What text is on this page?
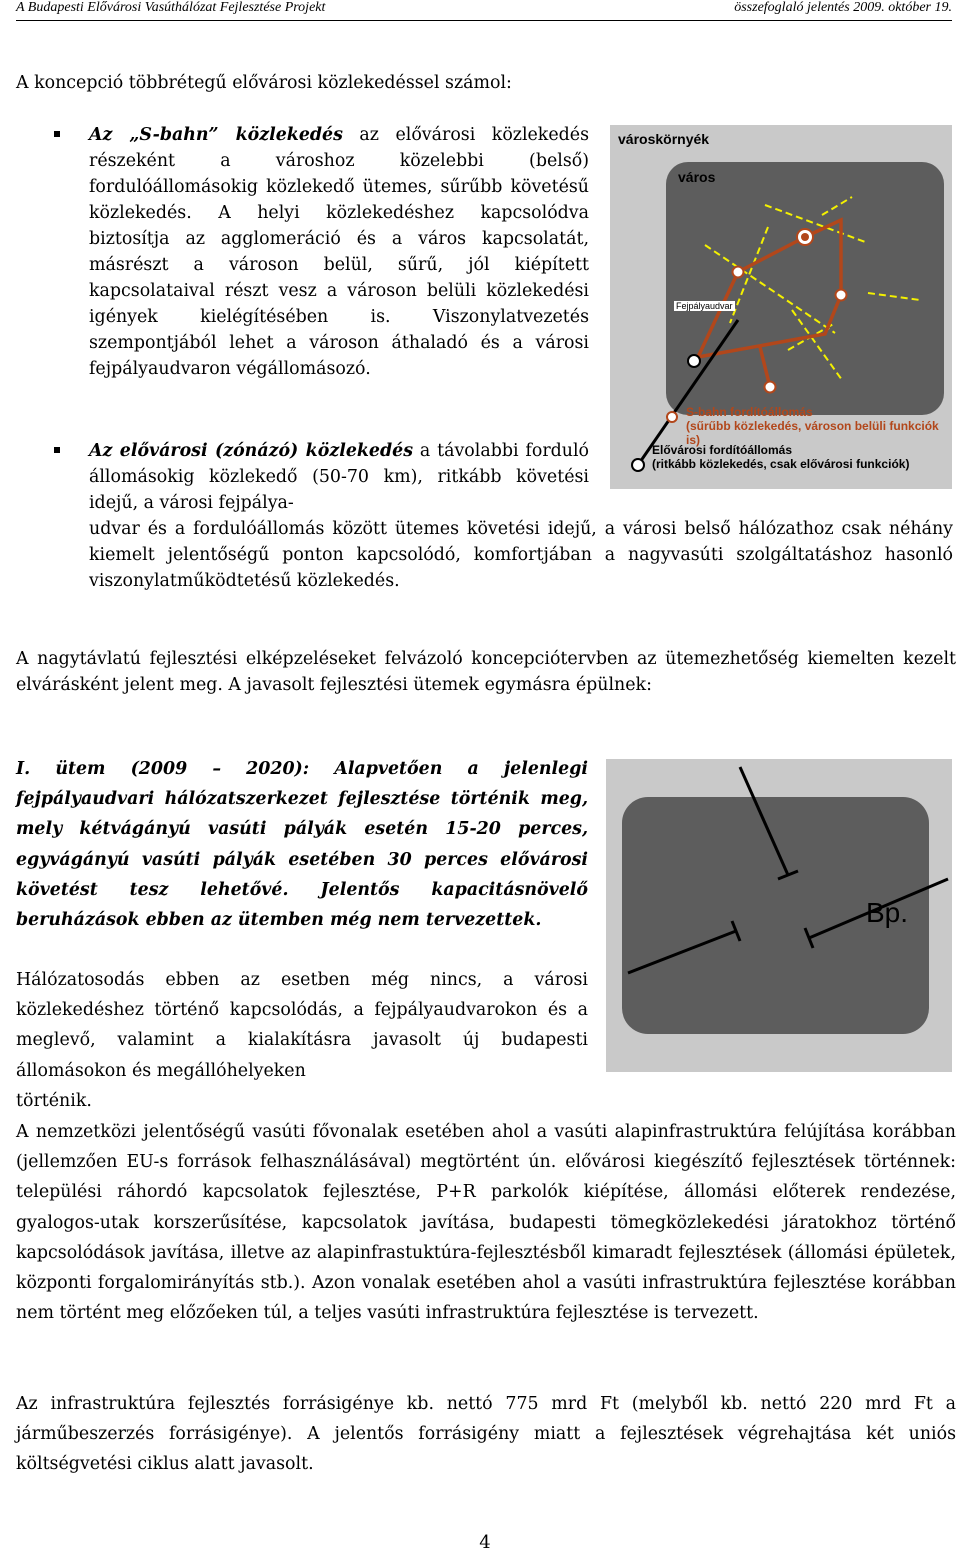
A Budapesti Elővárosi Vasúthálózat Fejlesztése Projekt	összefoglaló jelentés 2009. október 19.

A koncepció többrétegű elővárosi közlekedéssel számol:

Az „S-bahn” közlekedés az elővárosi közlekedés részeként a városhoz közelebbi (belső) fordulóállomásokig közlekedő ütemes, sűrűbb követésű közlekedés. A helyi közlekedéshez kapcsolódva biztosítja az agglomeráció és a város kapcsolatát, másrészt a városon belül, sűrű, jól kiépített kapcsolataival részt vesz a városon belüli közlekedési igények kielégítésében is. Viszonylatvezetés szempontjából lehet a városon áthaladó és a városi fejpályaudvaron végállomásozó.

városkörnyék
város
Fejpályaudvar
S-bahn fordítóállomás
(sűrűbb közlekedés, városon belüli funkciók is)
Elővárosi fordítóállomás
(ritkább közlekedés, csak elővárosi funkciók)

Az elővárosi (zónázó) közlekedés a távolabbi forduló állomásokig közlekedő (50-70 km), ritkább követési idejű, a városi fejpálya-

udvar és a fordulóállomás között ütemes követési idejű, a városi belső hálózathoz csak néhány kiemelt jelentőségű ponton kapcsolódó, komfortjában a nagyvasúti szolgáltatáshoz hasonló viszonylatműködtetésű közlekedés.

A nagytávlatú fejlesztési elképzeléseket felvázoló koncepciótervben az ütemezhetőség kiemelten kezelt elvárásként jelent meg. A javasolt fejlesztési ütemek egymásra épülnek:

I. ütem (2009 – 2020): Alapvetően a jelenlegi fejpályaudvari hálózatszerkezet fejlesztése történik meg, mely kétvágányú vasúti pályák esetén 15-20 perces, egyvágányú vasúti pályák esetében 30 perces elővárosi követést tesz lehetővé. Jelentős kapacitásnövelő beruházások ebben az ütemben még nem tervezettek.

Hálózatosodás ebben az esetben még nincs, a városi közlekedéshez történő kapcsolódás, a fejpályaudvarokon és a meglevő, valamint a kialakításra javasolt új budapesti állomásokon és megállóhelyeken

történik.

Bp.

A nemzetközi jelentőségű vasúti fővonalak esetében ahol a vasúti alapinfrastruktúra felújítása korábban (jellemzően EU-s források felhasználásával) megtörtént ún. elővárosi kiegészítő fejlesztések történnek: települési ráhordó kapcsolatok fejlesztése, P+R parkolók kiépítése, állomási előterek rendezése, gyalogos-utak korszerűsítése, kapcsolatok javítása, budapesti tömegközlekedési járatokhoz történő kapcsolódások javítása, illetve az alapinfrastuktúra-fejlesztésből kimaradt fejlesztések (állomási épületek, központi forgalomirányítás stb.). Azon vonalak esetében ahol a vasúti infrastruktúra fejlesztése korábban nem történt meg előzőeken túl, a teljes vasúti infrastruktúra fejlesztése is tervezett.

Az infrastruktúra fejlesztés forrásigénye kb. nettó 775 mrd Ft (melyből kb. nettó 220 mrd Ft a járműbeszerzés forrásigénye). A jelentős forrásigény miatt a fejlesztések végrehajtása két uniós költségvetési ciklus alatt javasolt.

4
